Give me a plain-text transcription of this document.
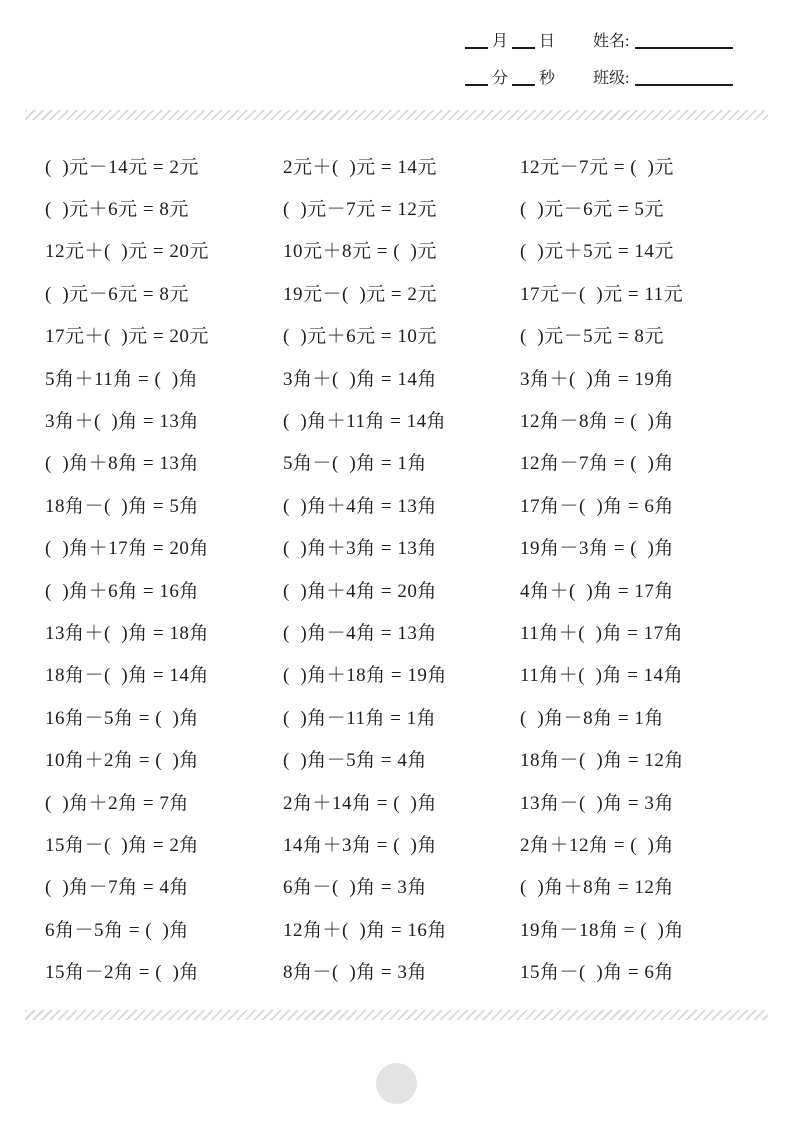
月 日 姓名:
分 秒 班级:
(  )元－14元 = 2元	2元＋(  )元 = 14元	12元－7元 = (  )元
(  )元＋6元 = 8元	(  )元－7元 = 12元	(  )元－6元 = 5元
12元＋(  )元 = 20元	10元＋8元 = (  )元	(  )元＋5元 = 14元
(  )元－6元 = 8元	19元－(  )元 = 2元	17元－(  )元 = 11元
17元＋(  )元 = 20元	(  )元＋6元 = 10元	(  )元－5元 = 8元
5角＋11角 = (  )角	3角＋(  )角 = 14角	3角＋(  )角 = 19角
3角＋(  )角 = 13角	(  )角＋11角 = 14角	12角－8角 = (  )角
(  )角＋8角 = 13角	5角－(  )角 = 1角	12角－7角 = (  )角
18角－(  )角 = 5角	(  )角＋4角 = 13角	17角－(  )角 = 6角
(  )角＋17角 = 20角	(  )角＋3角 = 13角	19角－3角 = (  )角
(  )角＋6角 = 16角	(  )角＋4角 = 20角	4角＋(  )角 = 17角
13角＋(  )角 = 18角	(  )角－4角 = 13角	11角＋(  )角 = 17角
18角－(  )角 = 14角	(  )角＋18角 = 19角	11角＋(  )角 = 14角
16角－5角 = (  )角	(  )角－11角 = 1角	(  )角－8角 = 1角
10角＋2角 = (  )角	(  )角－5角 = 4角	18角－(  )角 = 12角
(  )角＋2角 = 7角	2角＋14角 = (  )角	13角－(  )角 = 3角
15角－(  )角 = 2角	14角＋3角 = (  )角	2角＋12角 = (  )角
(  )角－7角 = 4角	6角－(  )角 = 3角	(  )角＋8角 = 12角
6角－5角 = (  )角	12角＋(  )角 = 16角	19角－18角 = (  )角
15角－2角 = (  )角	8角－(  )角 = 3角	15角－(  )角 = 6角
